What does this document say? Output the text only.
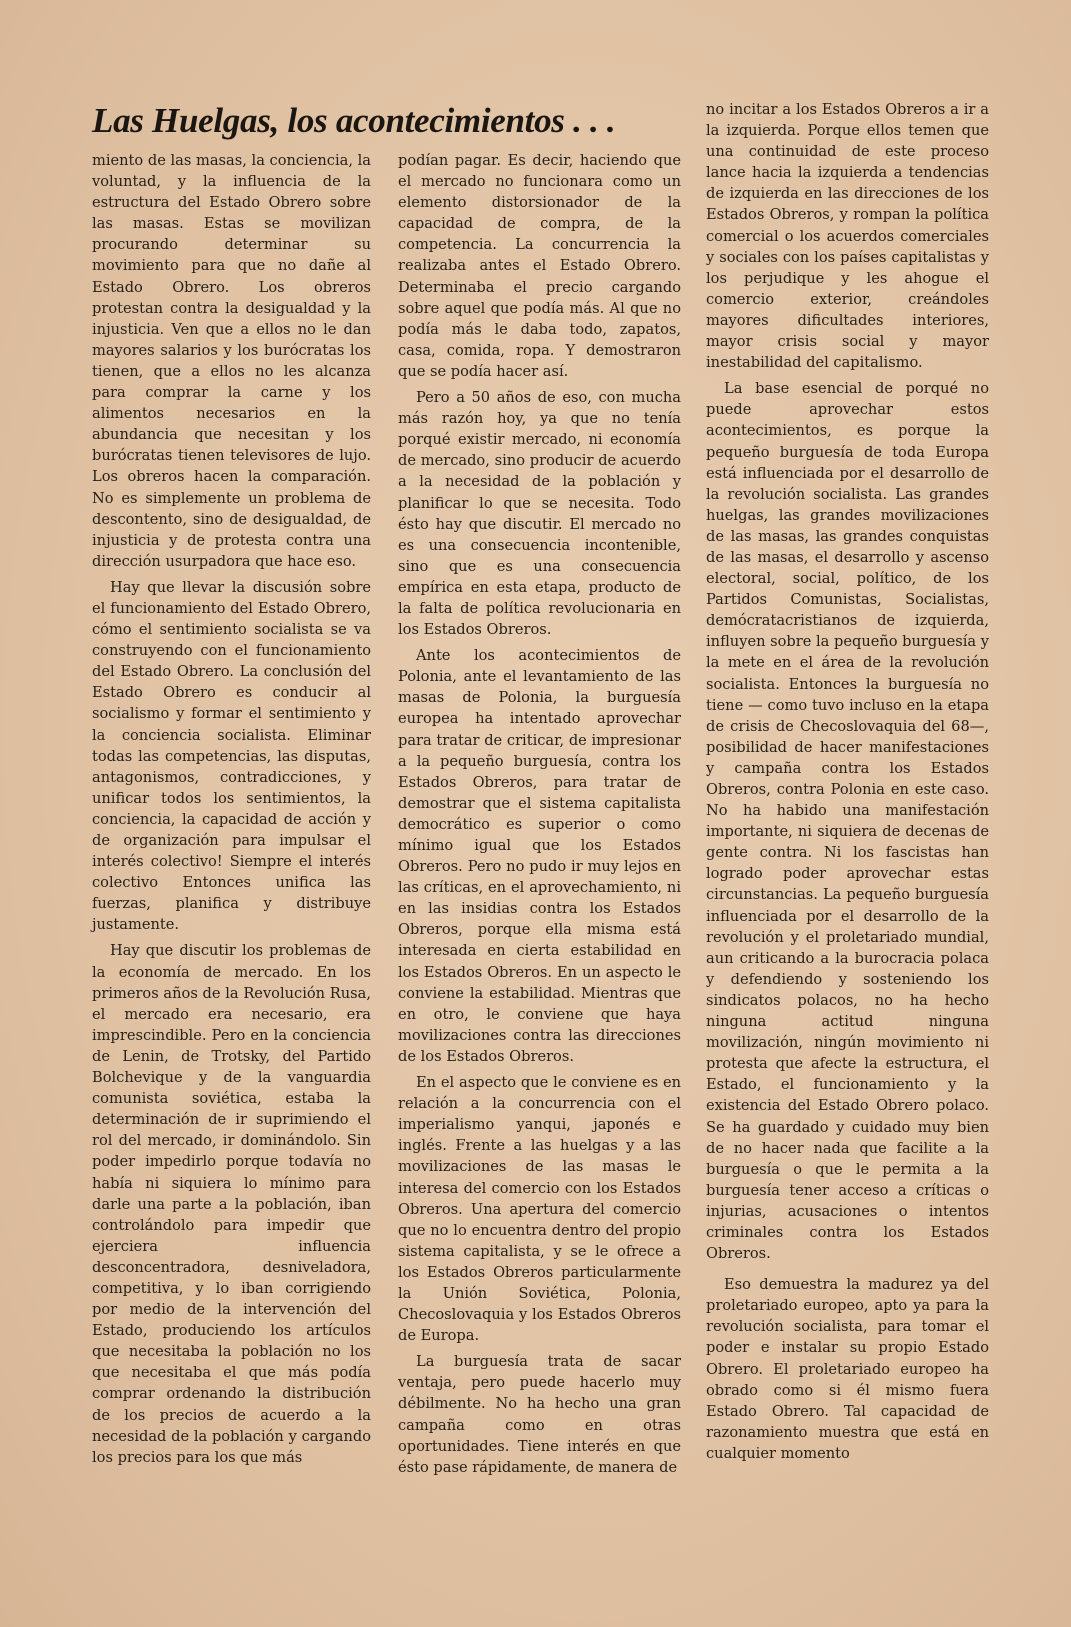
Las Huelgas, los acontecimientos . . .

miento de las masas, la conciencia, la voluntad, y la influencia de la estructura del Estado Obrero sobre las masas. Estas se movilizan procurando determinar su movimiento para que no dañe al Estado Obrero. Los obreros protestan contra la desigualdad y la injusticia. Ven que a ellos no le dan mayores salarios y los burócratas los tienen, que a ellos no les alcanza para comprar la carne y los alimentos necesarios en la abundancia que necesitan y los burócratas tienen televisores de lujo. Los obreros hacen la comparación. No es simplemente un problema de descontento, sino de desigualdad, de injusticia y de protesta contra una dirección usurpadora que hace eso.

Hay que llevar la discusión sobre el funcionamiento del Estado Obrero, cómo el sentimiento socialista se va construyendo con el funcionamiento del Estado Obrero. La conclusión del Estado Obrero es conducir al socialismo y formar el sentimiento y la conciencia socialista. Eliminar todas las competencias, las disputas, antagonismos, contradicciones, y unificar todos los sentimientos, la conciencia, la capacidad de acción y de organización para impulsar el interés colectivo! Siempre el interés colectivo Entonces unifica las fuerzas, planifica y distribuye justamente.

Hay que discutir los problemas de la economía de mercado. En los primeros años de la Revolución Rusa, el mercado era necesario, era imprescindible. Pero en la conciencia de Lenin, de Trotsky, del Partido Bolchevique y de la vanguardia comunista soviética, estaba la determinación de ir suprimiendo el rol del mercado, ir dominándolo. Sin poder impedirlo porque todavía no había ni siquiera lo mínimo para darle una parte a la población, iban controlándolo para impedir que ejerciera influencia desconcentradora, desniveladora, competitiva, y lo iban corrigiendo por medio de la intervención del Estado, produciendo los artículos que necesitaba la población no los que necesitaba el que más podía comprar ordenando la distribución de los precios de acuerdo a la necesidad de la población y cargando los precios para los que más

podían pagar. Es decir, haciendo que el mercado no funcionara como un elemento distorsionador de la capacidad de compra, de la competencia. La concurrencia la realizaba antes el Estado Obrero. Determinaba el precio cargando sobre aquel que podía más. Al que no podía más le daba todo, zapatos, casa, comida, ropa. Y demostraron que se podía hacer así.

Pero a 50 años de eso, con mucha más razón hoy, ya que no tenía porqué existir mercado, ni economía de mercado, sino producir de acuerdo a la necesidad de la población y planificar lo que se necesita. Todo ésto hay que discutir. El mercado no es una consecuencia incontenible, sino que es una consecuencia empírica en esta etapa, producto de la falta de política revolucionaria en los Estados Obreros.

Ante los acontecimientos de Polonia, ante el levantamiento de las masas de Polonia, la burguesía europea ha intentado aprovechar para tratar de criticar, de impresionar a la pequeño burguesía, contra los Estados Obreros, para tratar de demostrar que el sistema capitalista democrático es superior o como mínimo igual que los Estados Obreros. Pero no pudo ir muy lejos en las críticas, en el aprovechamiento, ni en las insidias contra los Estados Obreros, porque ella misma está interesada en cierta estabilidad en los Estados Obreros. En un aspecto le conviene la estabilidad. Mientras que en otro, le conviene que haya movilizaciones contra las direcciones de los Estados Obreros.

En el aspecto que le conviene es en relación a la concurrencia con el imperialismo yanqui, japonés e inglés. Frente a las huelgas y a las movilizaciones de las masas le interesa del comercio con los Estados Obreros. Una apertura del comercio que no lo encuentra dentro del propio sistema capitalista, y se le ofrece a los Estados Obreros particularmente la Unión Soviética, Polonia, Checoslovaquia y los Estados Obreros de Europa.

La burguesía trata de sacar ventaja, pero puede hacerlo muy débilmente. No ha hecho una gran campaña como en otras oportunidades. Tiene interés en que ésto pase rápidamente, de manera de

no incitar a los Estados Obreros a ir a la izquierda. Porque ellos temen que una continuidad de este proceso lance hacia la izquierda a tendencias de izquierda en las direcciones de los Estados Obreros, y rompan la política comercial o los acuerdos comerciales y sociales con los países capitalistas y los perjudique y les ahogue el comercio exterior, creándoles mayores dificultades interiores, mayor crisis social y mayor inestabilidad del capitalismo.

La base esencial de porqué no puede aprovechar estos acontecimientos, es porque la pequeño burguesía de toda Europa está influenciada por el desarrollo de la revolución socialista. Las grandes huelgas, las grandes movilizaciones de las masas, las grandes conquistas de las masas, el desarrollo y ascenso electoral, social, político, de los Partidos Comunistas, Socialistas, demócratacristianos de izquierda, influyen sobre la pequeño burguesía y la mete en el área de la revolución socialista. Entonces la burguesía no tiene — como tuvo incluso en la etapa de crisis de Checoslovaquia del 68—, posibilidad de hacer manifestaciones y campaña contra los Estados Obreros, contra Polonia en este caso. No ha habido una manifestación importante, ni siquiera de decenas de gente contra. Ni los fascistas han logrado poder aprovechar estas circunstancias. La pequeño burguesía influenciada por el desarrollo de la revolución y el proletariado mundial, aun criticando a la burocracia polaca y defendiendo y sosteniendo los sindicatos polacos, no ha hecho ninguna actitud ninguna movilización, ningún movimiento ni protesta que afecte la estructura, el Estado, el funcionamiento y la existencia del Estado Obrero polaco. Se ha guardado y cuidado muy bien de no hacer nada que facilite a la burguesía o que le permita a la burguesía tener acceso a críticas o injurias, acusaciones o intentos criminales contra los Estados Obreros.

Eso demuestra la madurez ya del proletariado europeo, apto ya para la revolución socialista, para tomar el poder e instalar su propio Estado Obrero. El proletariado europeo ha obrado como si él mismo fuera Estado Obrero. Tal capacidad de razonamiento muestra que está en cualquier momento
